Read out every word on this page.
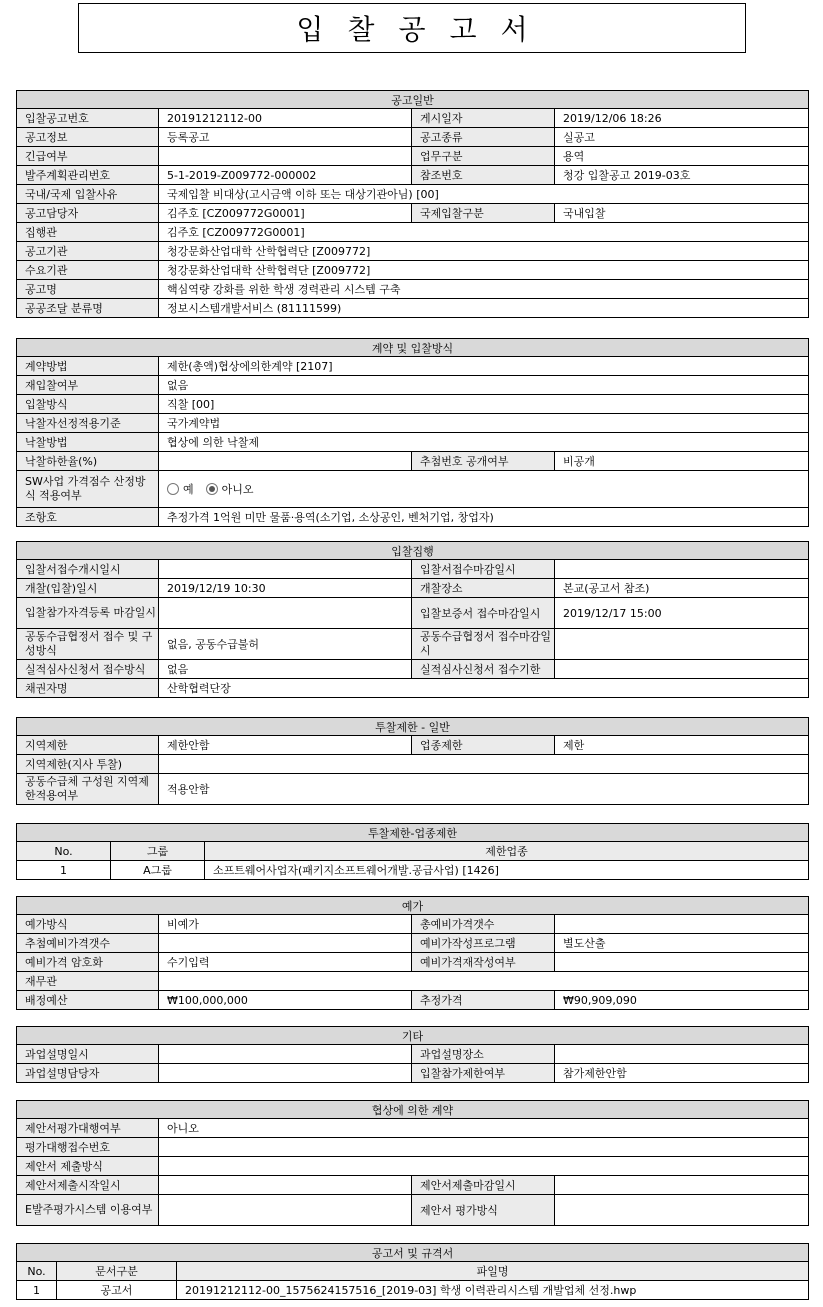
입찰공고서
공고일반			
입찰공고번호	20191212112-00	게시일자	2019/12/06 18:26
공고정보	등록공고	공고종류	실공고
긴급여부		업무구분	용역
발주계획관리번호	5-1-2019-Z009772-000002	참조번호	청강 입찰공고 2019-03호
국내/국제 입찰사유	국제입찰 비대상(고시금액 이하 또는 대상기관아님) [00]		
공고담당자	김주호 [CZ009772G0001]	국제입찰구분	국내입찰
집행관	김주호 [CZ009772G0001]		
공고기관	청강문화산업대학 산학협력단 [Z009772]		
수요기관	청강문화산업대학 산학협력단 [Z009772]		
공고명	핵심역량 강화를 위한 학생 경력관리 시스템 구축		
공공조달 분류명	정보시스템개발서비스 (81111599)		
계약 및 입찰방식			
계약방법	제한(총액)협상에의한계약 [2107]		
재입찰여부	없음		
입찰방식	직찰 [00]		
낙찰자선정적용기준	국가계약법		
낙찰방법	협상에 의한 낙찰제		
낙찰하한율(%)		추첨번호 공개여부	비공개
SW사업 가격점수 산정방식 적용여부	예 아니오		

조항호	추정가격 1억원 미만 물품·용역(소기업, 소상공인, 벤처기업, 창업자)		
입찰집행			
입찰서접수개시일시		입찰서접수마감일시	
개찰(입찰)일시	2019/12/19 10:30	개찰장소	본교(공고서 참조)
입찰참가자격등록 마감일시		입찰보증서 접수마감일시	2019/12/17 15:00
공동수급협정서 접수 및 구성방식	없음, 공동수급불허	공동수급협정서 접수마감일시	
실적심사신청서 접수방식	없음	실적심사신청서 접수기한	
채권자명	산학협력단장		
투찰제한 - 일반			
지역제한	제한안함	업종제한	제한
지역제한(지사 투찰)			
공동수급체 구성원 지역제한적용여부	적용안함		
투찰제한-업종제한		
No.	그룹	제한업종
1	A그룹	소프트웨어사업자(패키지소프트웨어개발.공급사업) [1426]
예가			
예가방식	비예가	총예비가격갯수	
추첨예비가격갯수		예비가작성프로그램	별도산출
예비가격 암호화	수기입력	예비가격재작성여부	
재무관			
배정예산	₩100,000,000	추정가격	₩90,909,090
기타			
과업설명일시		과업설명장소	
과업설명담당자		입찰참가제한여부	참가제한안함
협상에 의한 계약			
제안서평가대행여부	아니오		
평가대행접수번호			
제안서 제출방식			
제안서제출시작일시		제안서제출마감일시	
E발주평가시스템 이용여부		제안서 평가방식	
공고서 및 규격서		
No.	문서구분	파일명
1	공고서	20191212112-00_1575624157516_[2019-03] 학생 이력관리시스템 개발업체 선정.hwp
